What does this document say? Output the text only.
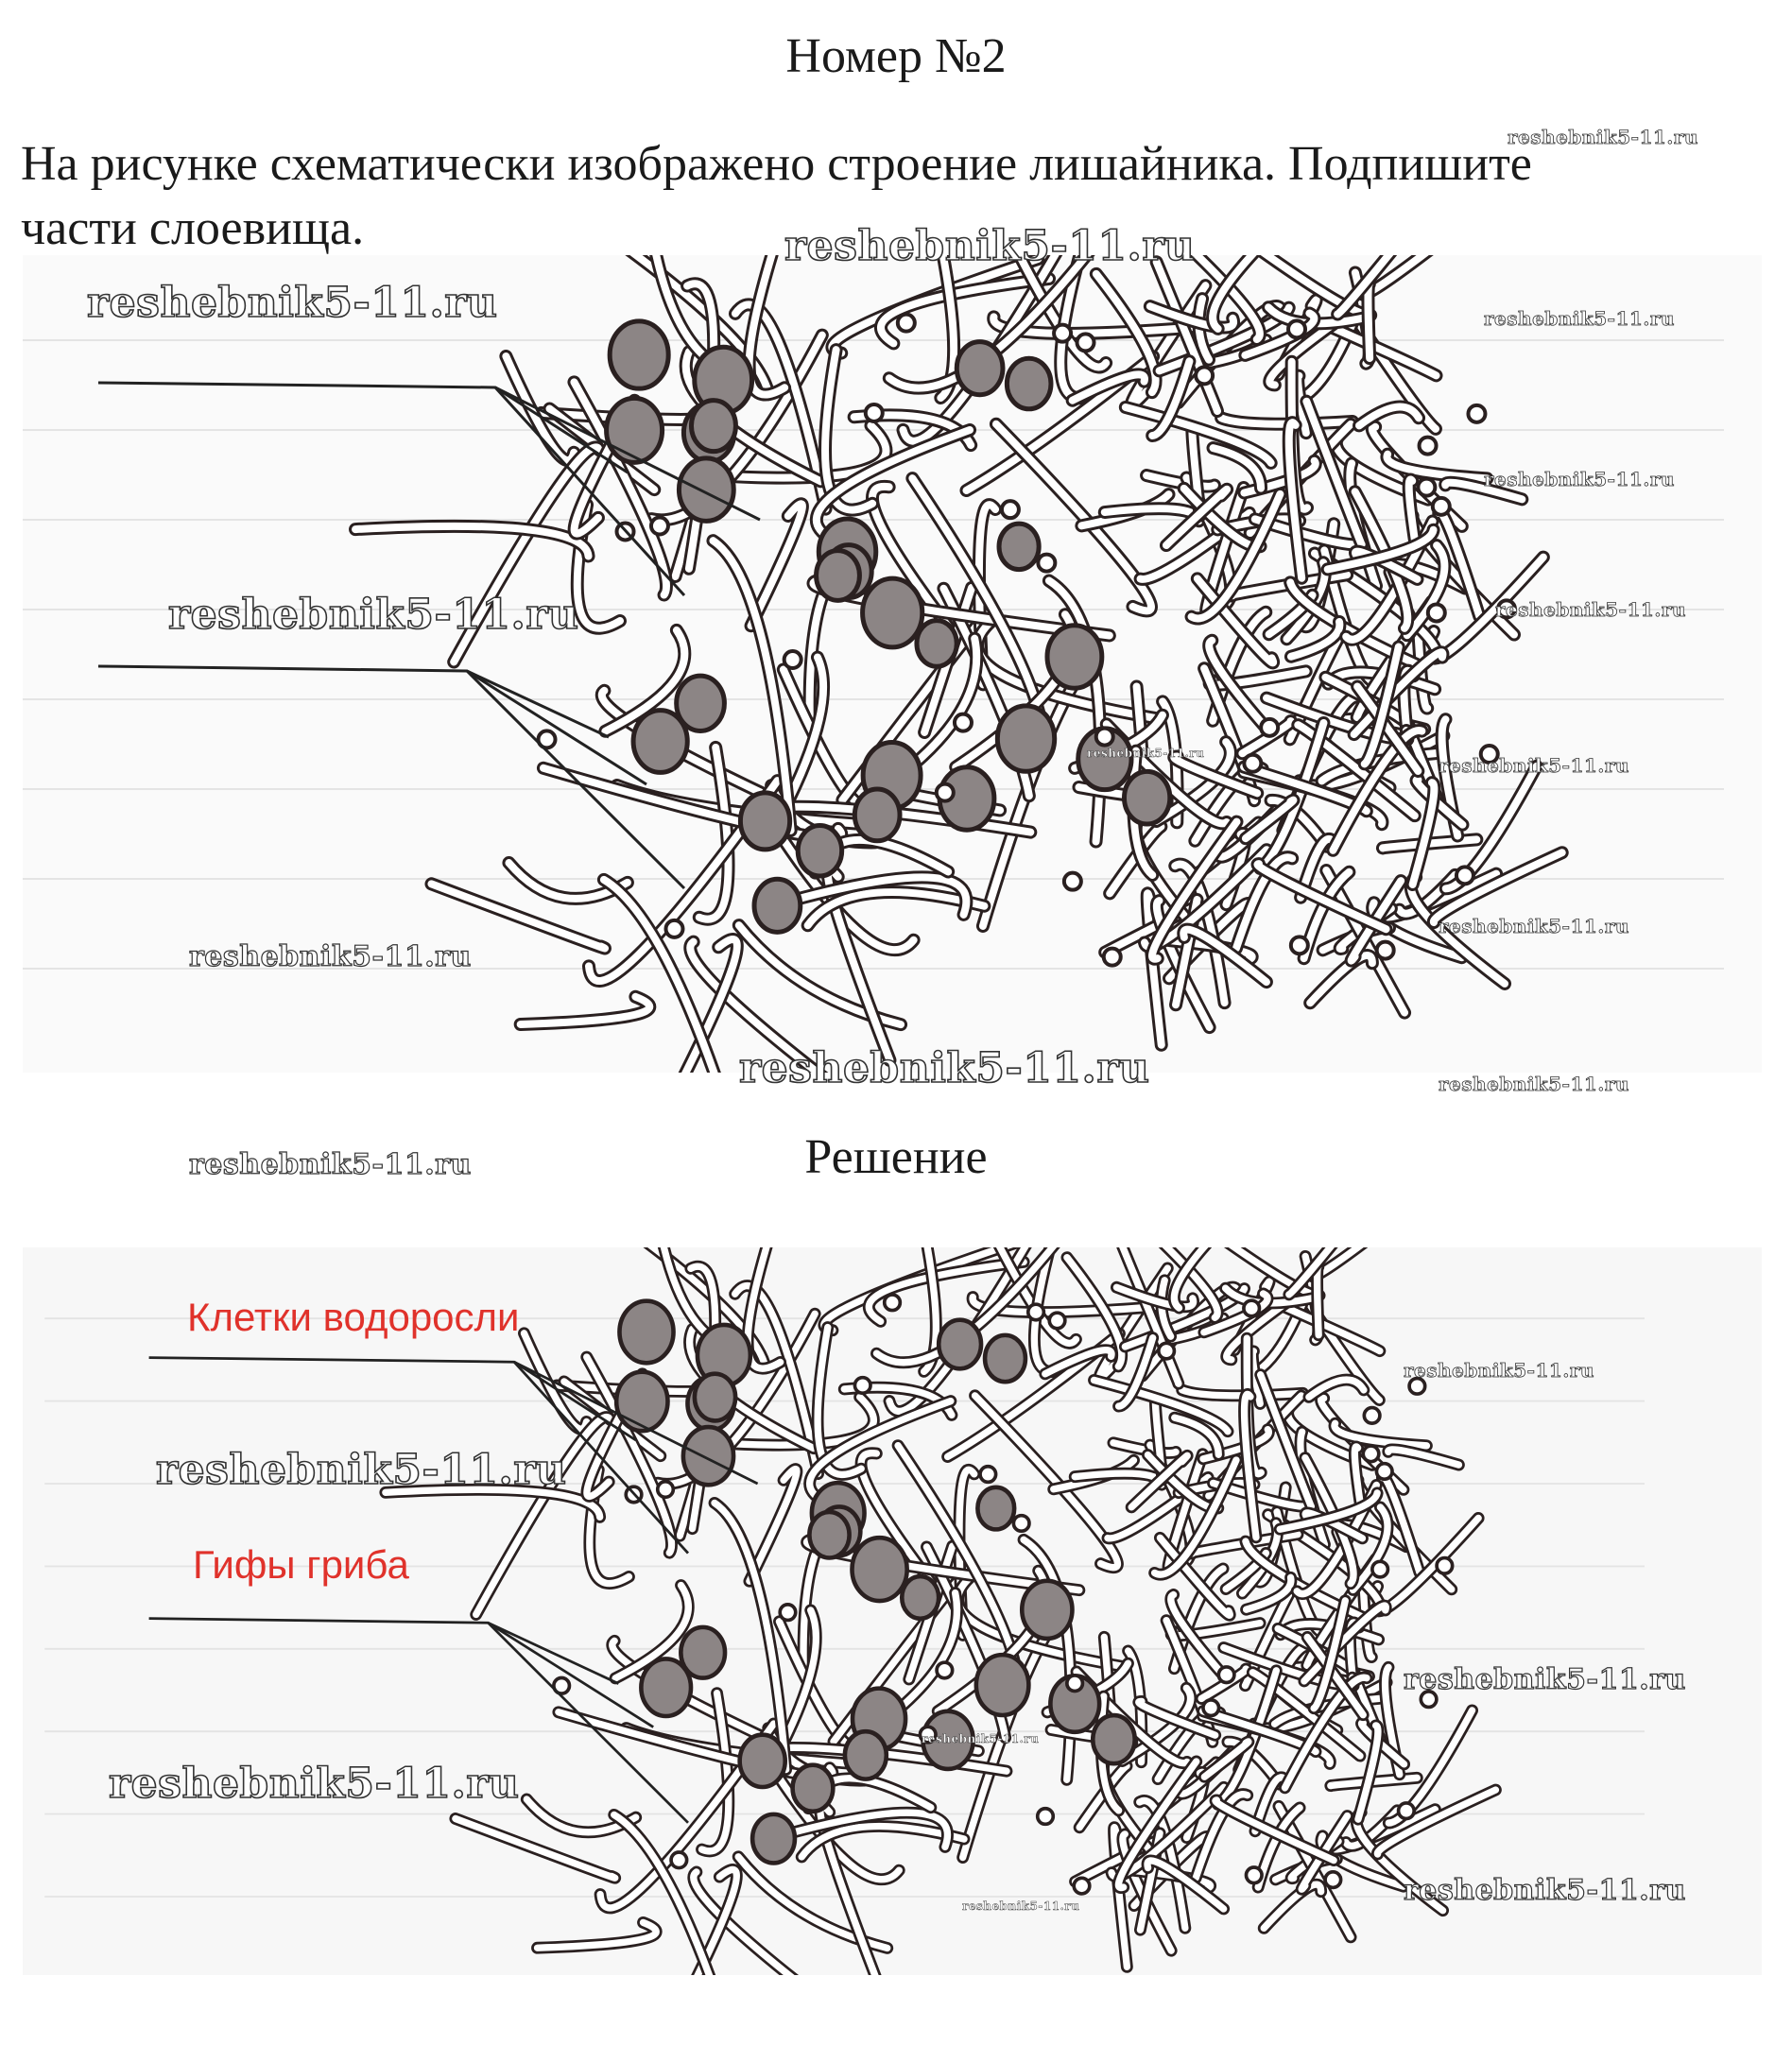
Номер №2
На рисунке схематически изображено строение лишайника. Подпишите
части слоевища.
Решение
Клетки водоросли
Гифы гриба
reshebnik5-11.ru
reshebnik5-11.ru
reshebnik5-11.ru	reshebnik5-11.ru
reshebnik5-11.ru
reshebnik5-11.ru
reshebnik5-11.ru
reshebnik5-11.ru
reshebnik5-11.ru
reshebnik5-11.ru
reshebnik5-11.ru
reshebnik5-11.ru	reshebnik5-11.ru
reshebnik5-11.ru
reshebnik5-11.ru
reshebnik5-11.ru
reshebnik5-11.ru
reshebnik5-11.ru
reshebnik5-11.ru
reshebnik5-11.ru
reshebnik5-11.ru
